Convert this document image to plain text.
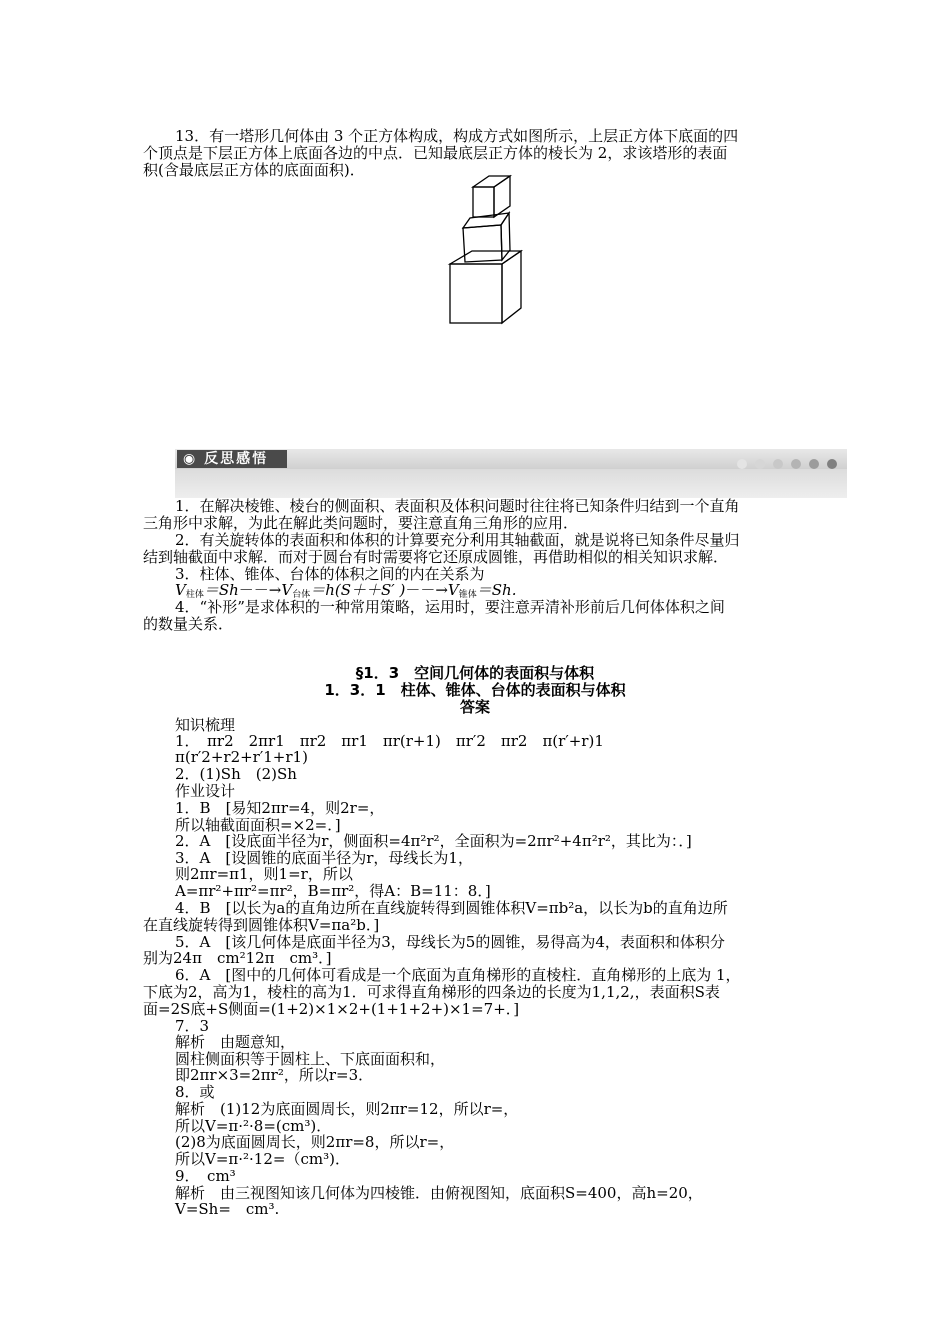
13．有一塔形几何体由 3 个正方体构成，构成方式如图所示，上层正方体下底面的四
个顶点是下层正方体上底面各边的中点．已知最底层正方体的棱长为 2，求该塔形的表面
积(含最底层正方体的底面面积)．
◉ 反思感悟
1．在解决棱锥、棱台的侧面积、表面积及体积问题时往往将已知条件归结到一个直角
三角形中求解，为此在解此类问题时，要注意直角三角形的应用．
2．有关旋转体的表面积和体积的计算要充分利用其轴截面，就是说将已知条件尽量归
结到轴截面中求解．而对于圆台有时需要将它还原成圆锥，再借助相似的相关知识求解．
3．柱体、锥体、台体的体积之间的内在关系为
$V_{柱体}=Sh--\to V_{台体}=h(S++S'$ )$--\to V_{锥体}=Sh$.
4．“补形”是求体积的一种常用策略，运用时，要注意弄清补形前后几何体体积之间
的数量关系．
§1．3　空间几何体的表面积与体积
1．3．1　柱体、锥体、台体的表面积与体积
答案
知识梳理
1．　πr2　2πr1　πr2　πr1　πr(r+1)　πr′2　πr2　π(r′+r)1
π(r′2+r2+r′1+r1)
2．(1)Sh　(2)Sh
作业设计
1．B　[易知2πr=4，则2r=，
所以轴截面面积=×2=．]
2．A　[设底面半径为r，侧面积=4π²r²，全面积为=2πr²+4π²r²，其比为：．]
3．A　[设圆锥的底面半径为r，母线长为1，
则2πr=π1，则1=r，所以
A=πr²+πr²=πr²，B=πr²，得A：B=11：8．]
4．B　[以长为a的直角边所在直线旋转得到圆锥体积V=πb²a，以长为b的直角边所
在直线旋转得到圆锥体积V=πa²b．]
5．A　[该几何体是底面半径为3，母线长为5的圆锥，易得高为4，表面积和体积分
别为24π　cm²12π　cm³．]
6．A　[图中的几何体可看成是一个底面为直角梯形的直棱柱．直角梯形的上底为 1，
下底为2，高为1，棱柱的高为1．可求得直角梯形的四条边的长度为1,1,2,，表面积S表
面=2S底+S侧面=(1+2)×1×2+(1+1+2+)×1=7+．]
7．3
解析　由题意知，
圆柱侧面积等于圆柱上、下底面面积和，
即2πr×3=2πr²，所以r=3．
8．或
解析　(1)12为底面圆周长，则2πr=12，所以r=，
所以V=π·²·8=(cm³)．
(2)8为底面圆周长，则2πr=8，所以r=，
所以V=π·²·12=（cm³)．
9．　cm³
解析　由三视图知该几何体为四棱锥．由俯视图知，底面积S=400，高h=20，
V=Sh=　cm³.
